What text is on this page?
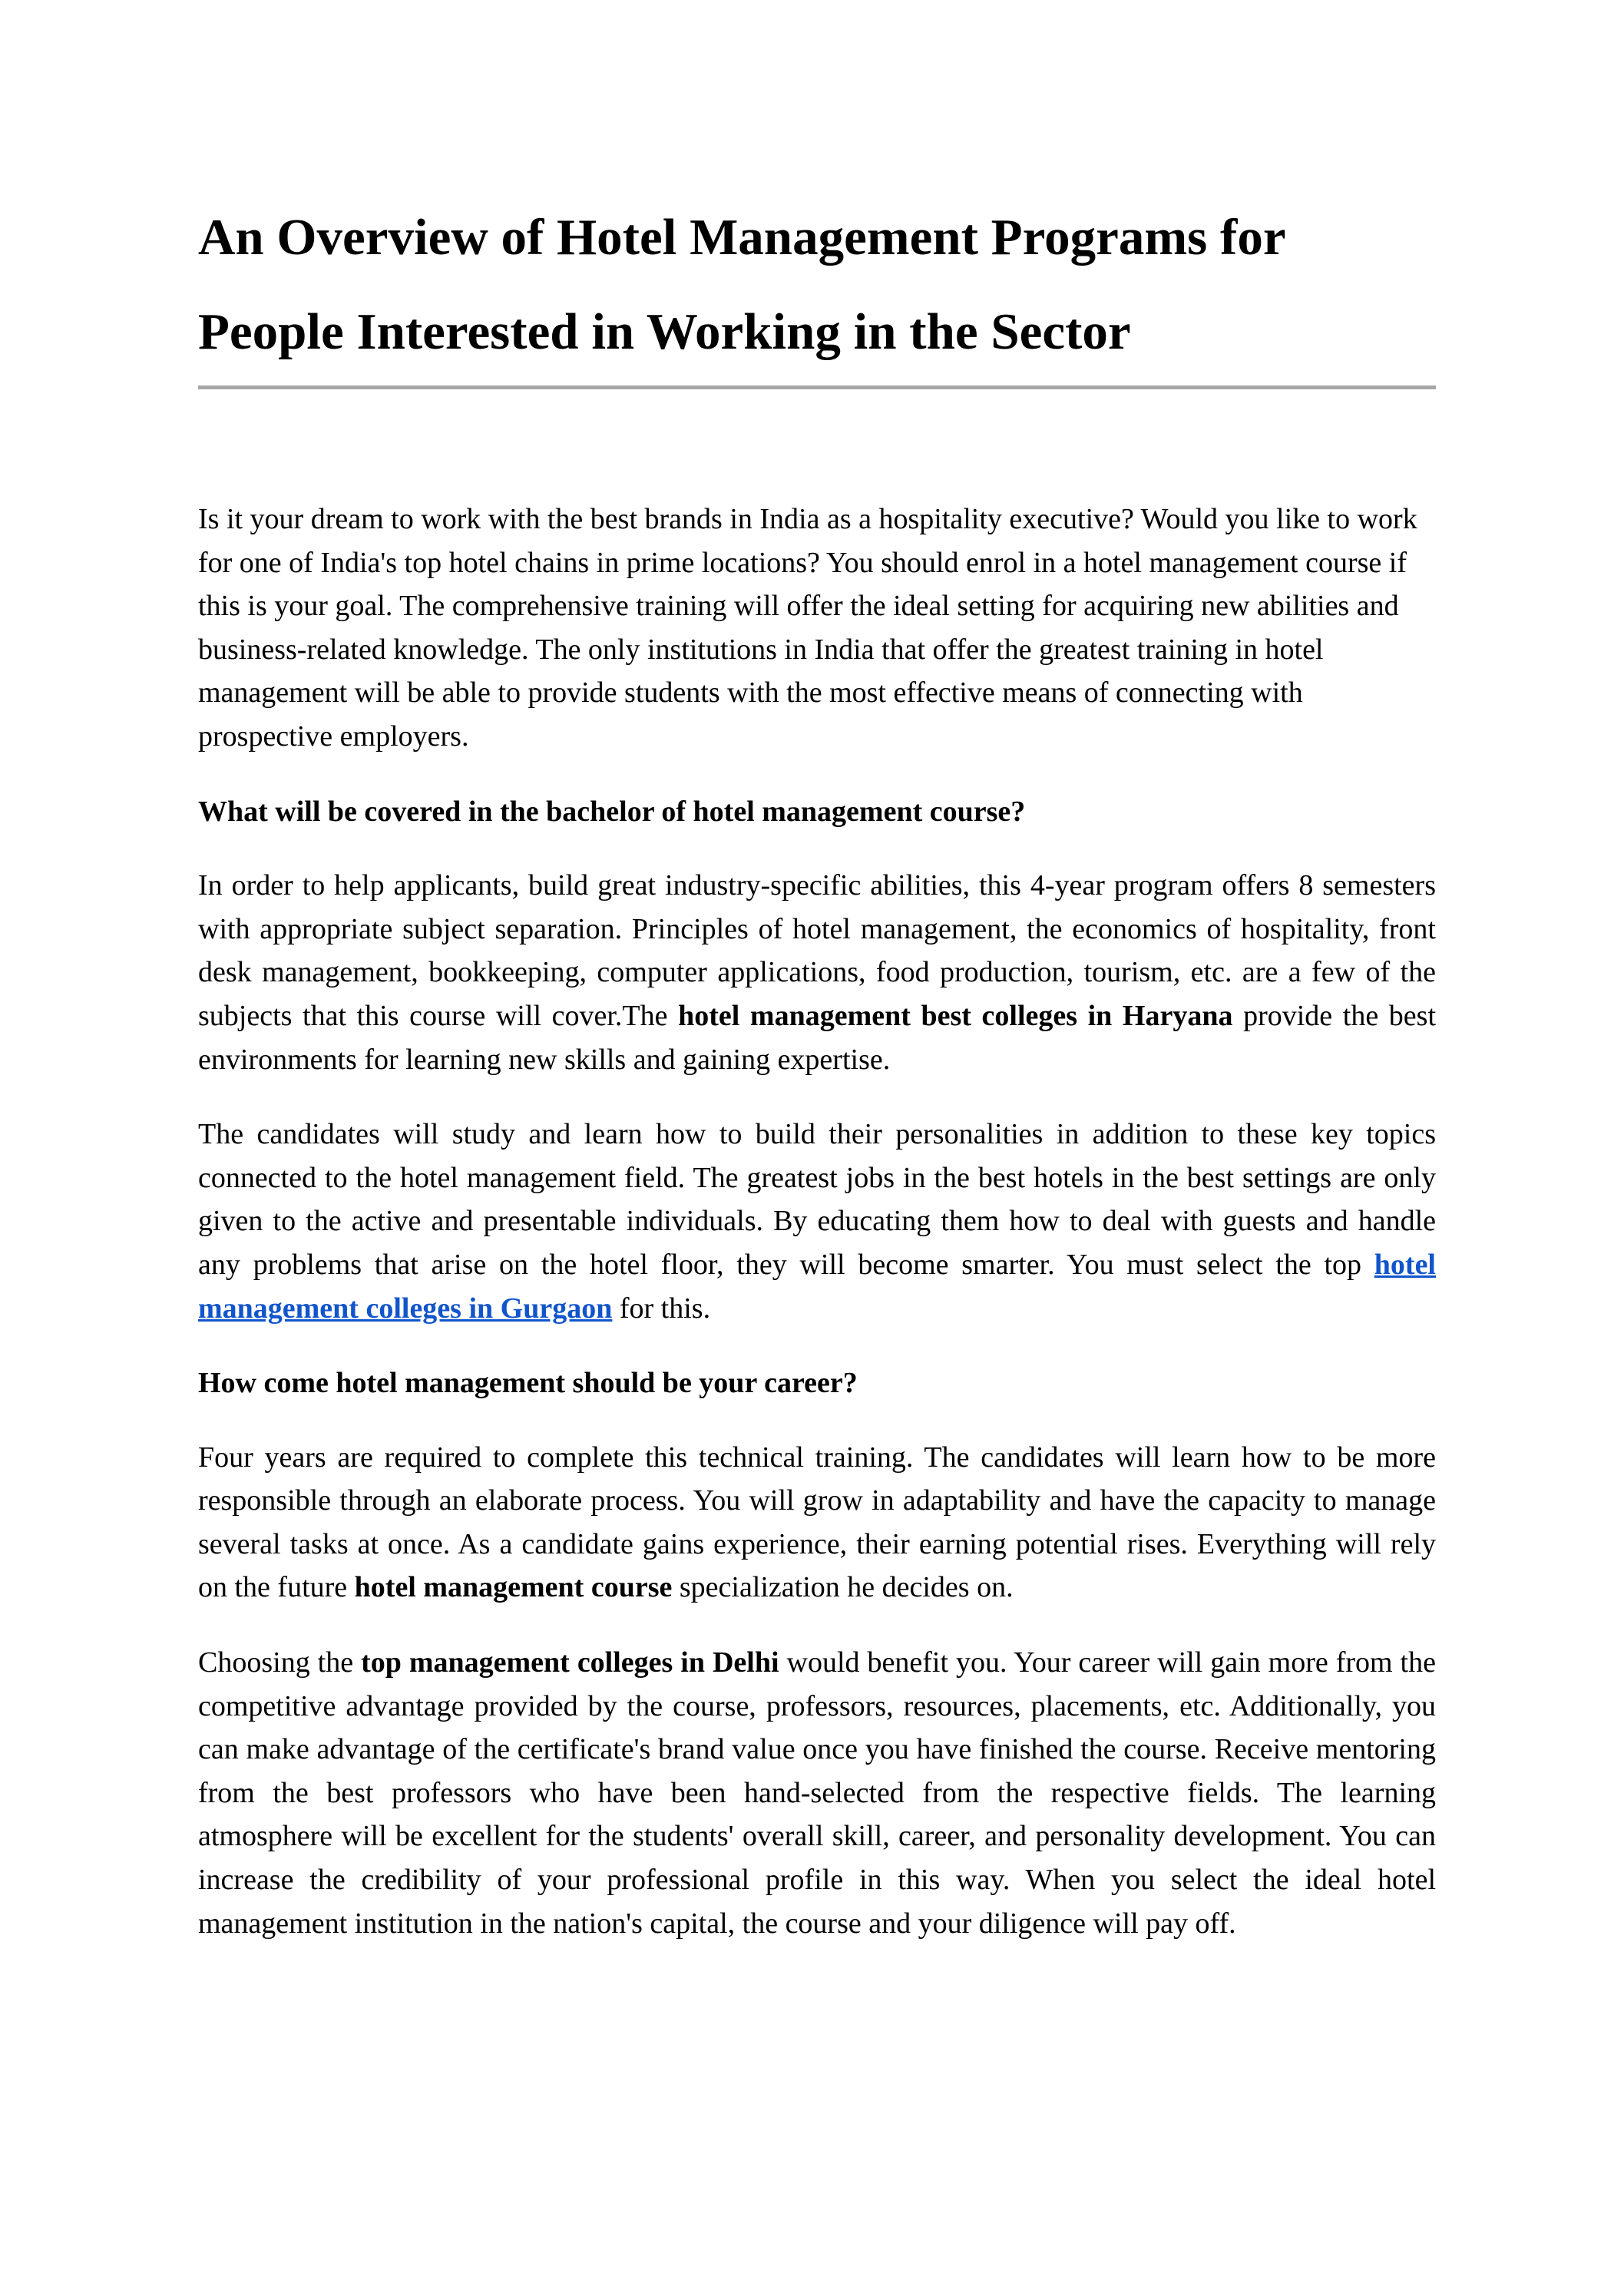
An Overview of Hotel Management Programs for
People Interested in Working in the Sector

Is it your dream to work with the best brands in India as a hospitality executive? Would you like to work for one of India's top hotel chains in prime locations? You should enrol in a hotel management course if this is your goal. The comprehensive training will offer the ideal setting for acquiring new abilities and business-related knowledge. The only institutions in India that offer the greatest training in hotel management will be able to provide students with the most effective means of connecting with prospective employers.

What will be covered in the bachelor of hotel management course?

In order to help applicants, build great industry-specific abilities, this 4-year program offers 8 semesters with appropriate subject separation. Principles of hotel management, the economics of hospitality, front desk management, bookkeeping, computer applications, food production, tourism, etc. are a few of the subjects that this course will cover.The hotel management best colleges in Haryana provide the best environments for learning new skills and gaining expertise.

The candidates will study and learn how to build their personalities in addition to these key topics connected to the hotel management field. The greatest jobs in the best hotels in the best settings are only given to the active and presentable individuals. By educating them how to deal with guests and handle any problems that arise on the hotel floor, they will become smarter. You must select the top hotel management colleges in Gurgaon for this.

How come hotel management should be your career?

Four years are required to complete this technical training. The candidates will learn how to be more responsible through an elaborate process. You will grow in adaptability and have the capacity to manage several tasks at once. As a candidate gains experience, their earning potential rises. Everything will rely on the future hotel management course specialization he decides on.

Choosing the top management colleges in Delhi would benefit you. Your career will gain more from the competitive advantage provided by the course, professors, resources, placements, etc. Additionally, you can make advantage of the certificate's brand value once you have finished the course. Receive mentoring from the best professors who have been hand-selected from the respective fields. The learning atmosphere will be excellent for the students' overall skill, career, and personality development. You can increase the credibility of your professional profile in this way. When you select the ideal hotel management institution in the nation's capital, the course and your diligence will pay off.
